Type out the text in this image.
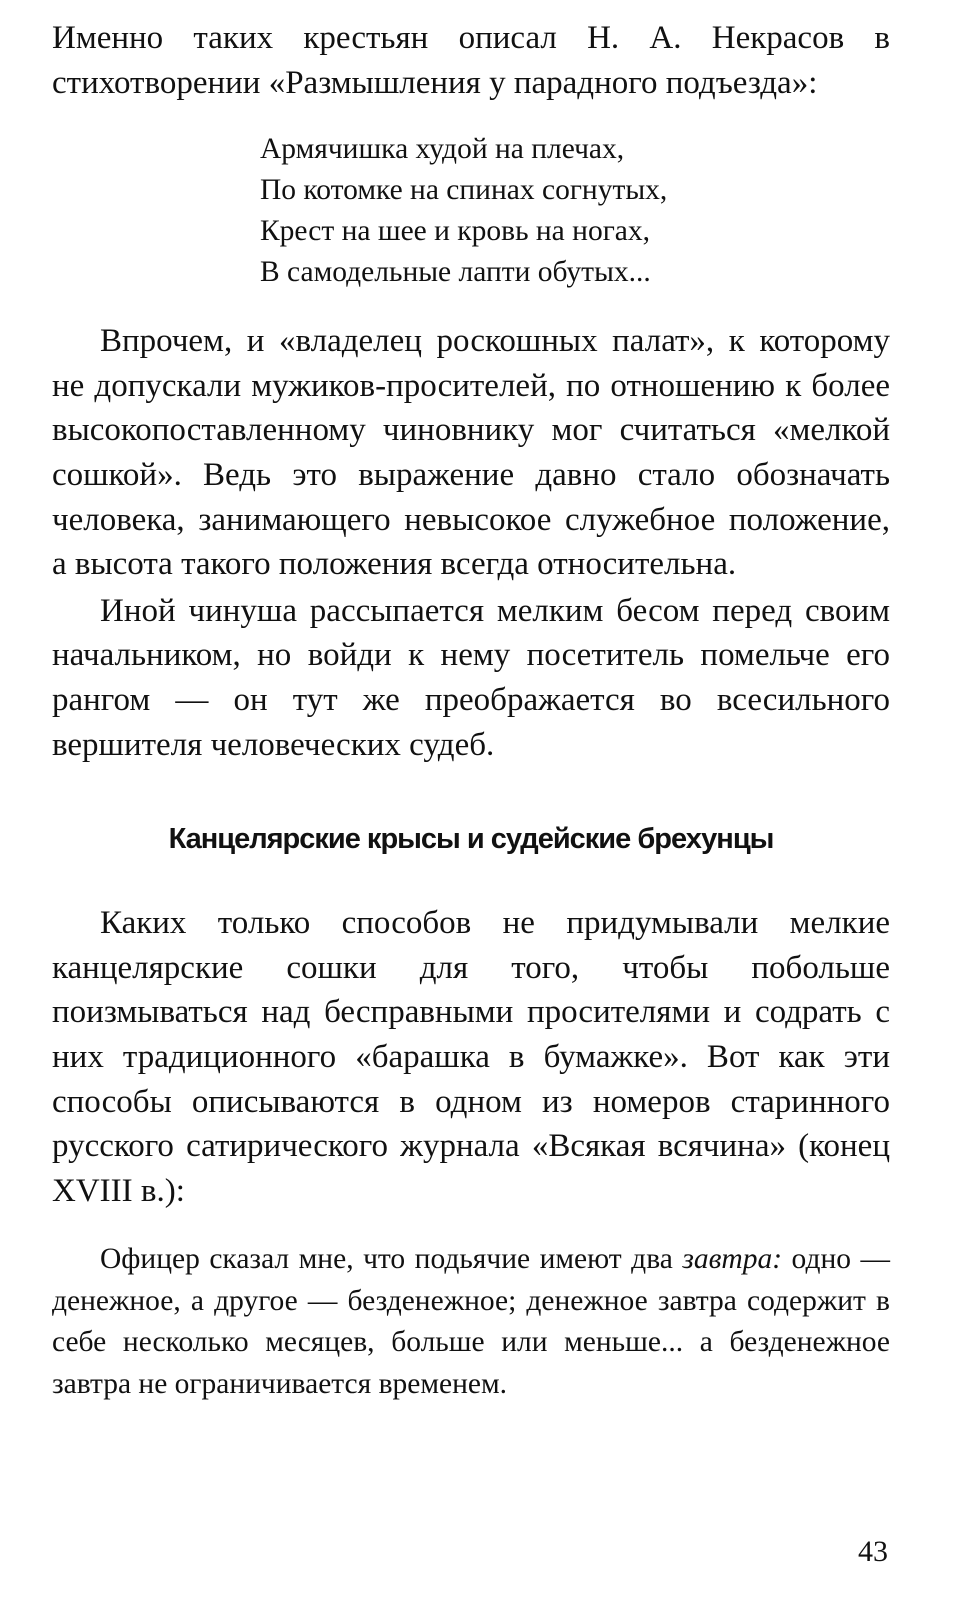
Именно таких крестьян описал Н. А. Некрасов в стихотворении «Размышления у парадного подъезда»:

Армячишка худой на плечах,
По котомке на спинах согнутых,
Крест на шее и кровь на ногах,
В самодельные лапти обутых...

Впрочем, и «владелец роскошных палат», к которому не допускали мужиков-просителей, по отношению к более высокопоставленному чиновнику мог считаться «мелкой сошкой». Ведь это выражение давно стало обозначать человека, занимающего невысокое служебное положение, а высота такого положения всегда относительна.

Иной чинуша рассыпается мелким бесом перед своим начальником, но войди к нему посетитель помельче его рангом — он тут же преображается во всесильного вершителя человеческих судеб.

Канцелярские крысы и судейские брехунцы

Каких только способов не придумывали мелкие канцелярские сошки для того, чтобы побольше поизмываться над бесправными просителями и содрать с них традиционного «барашка в бумажке». Вот как эти способы описываются в одном из номеров старинного русского сатирического журнала «Всякая всячина» (конец XVIII в.):

Офицер сказал мне, что подьячие имеют два завтра: одно — денежное, а другое — безденежное; денежное завтра содержит в себе несколько месяцев, больше или меньше... а безденежное завтра не ограничивается временем.

43
